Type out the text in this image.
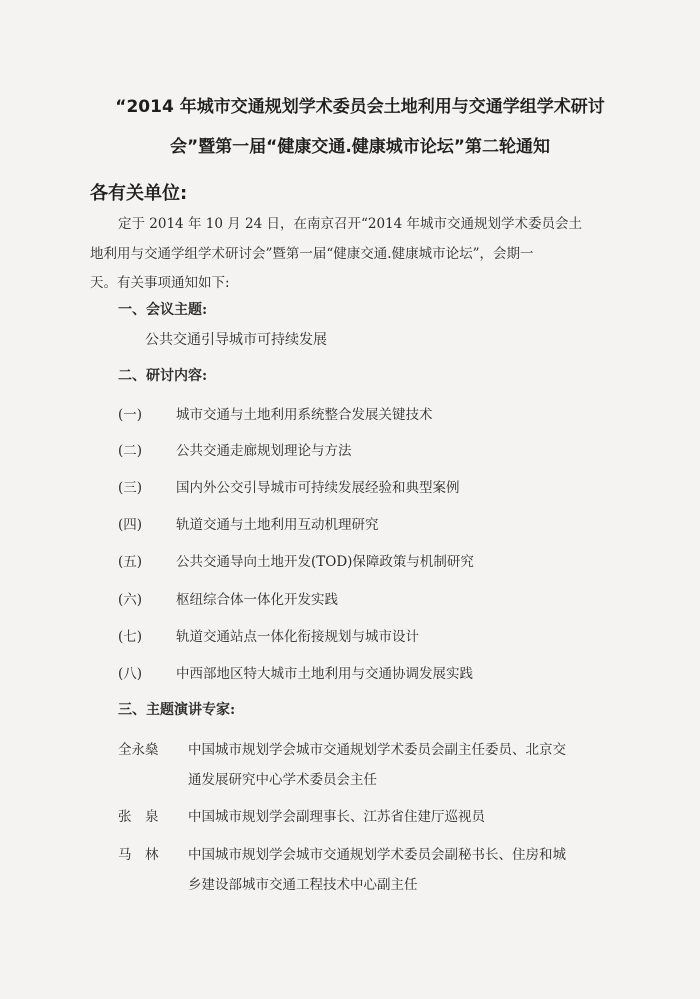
“2014 年城市交通规划学术委员会土地利用与交通学组学术研讨
会”暨第一届“健康交通.健康城市论坛”第二轮通知
各有关单位:
定于 2014 年 10 月 24 日，在南京召开“2014 年城市交通规划学术委员会土
地利用与交通学组学术研讨会”暨第一届“健康交通.健康城市论坛”，会期一
天。有关事项通知如下:
一、会议主题:
公共交通引导城市可持续发展
二、研讨内容:
(一)	城市交通与土地利用系统整合发展关键技术
(二)	公共交通走廊规划理论与方法
(三)	国内外公交引导城市可持续发展经验和典型案例
(四)	轨道交通与土地利用互动机理研究
(五)	公共交通导向土地开发(TOD)保障政策与机制研究
(六)	枢纽综合体一体化开发实践
(七)	轨道交通站点一体化衔接规划与城市设计
(八)	中西部地区特大城市土地利用与交通协调发展实践
三、主题演讲专家:
全永燊	中国城市规划学会城市交通规划学术委员会副主任委员、北京交
通发展研究中心学术委员会主任
张　泉	中国城市规划学会副理事长、江苏省住建厅巡视员
马　林	中国城市规划学会城市交通规划学术委员会副秘书长、住房和城
乡建设部城市交通工程技术中心副主任
